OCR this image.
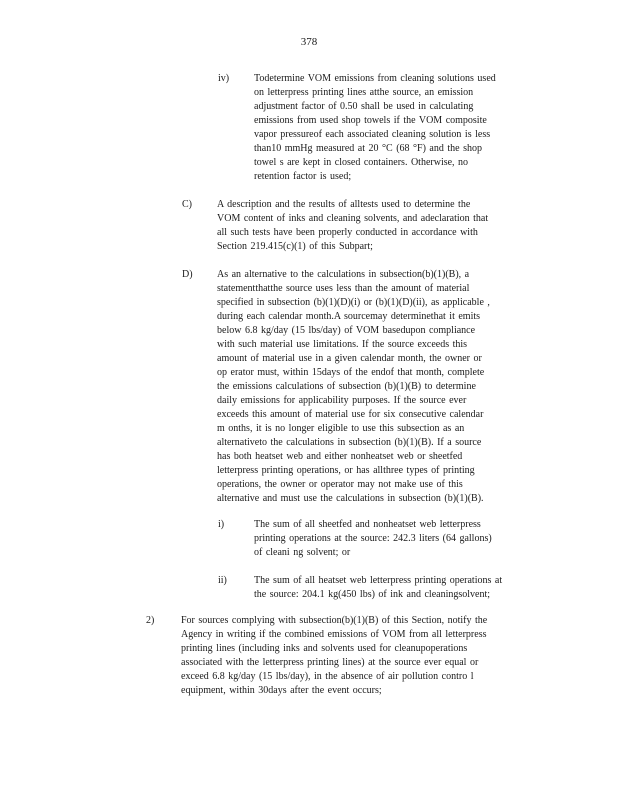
378
iv) Todetermine VOM emissions from cleaning solutions used
on letterpress printing lines atthe source, an emission
adjustment factor of 0.50 shall be used in calculating
emissions from used shop towels if the VOM composite
vapor pressureof each associated cleaning solution is less
than10 mmHg measured at 20 °C (68 °F) and the shop
towel s are kept in closed containers. Otherwise, no
retention factor is used;
C)	A description and the results of alltests used to determine the
VOM content of inks and cleaning solvents, and adeclaration that
all such tests have been properly conducted in accordance with
Section 219.415(c)(1) of this Subpart;
D) As an alternative to the calculations in subsection(b)(1)(B), a
statementthatthe source uses less than the amount of material
specified in subsection (b)(1)(D)(i) or (b)(1)(D)(ii), as applicable ,
during each calendar month.A sourcemay determinethat it emits
below 6.8 kg/day (15 lbs/day) of VOM basedupon compliance
with such material use limitations. If the source exceeds this
amount of material use in a given calendar month, the owner or
op erator must, within 15days of the endof that month, complete
the emissions calculations of subsection (b)(1)(B) to determine
daily emissions for applicability purposes. If the source ever
exceeds this amount of material use for six consecutive calendar
m onths, it is no longer eligible to use this subsection as an
alternativeto the calculations in subsection (b)(1)(B). If a source
has both heatset web and either nonheatset web or sheetfed
letterpress printing operations, or has allthree types of printing
operations, the owner or operator may not make use of this
alternative and must use the calculations in subsection (b)(1)(B).
i)	The sum of all sheetfed and nonheatset web letterpress
printing operations at the source: 242.3 liters (64 gallons)
of cleani ng solvent; or
ii)	The sum of all heatset web letterpress printing operations at
the source: 204.1 kg(450 lbs) of ink and cleaningsolvent;
2)	For sources complying with subsection(b)(1)(B) of this Section, notify the
Agency in writing if the combined emissions of VOM from all letterpress
printing lines (including inks and solvents used for cleanupoperations
associated with the letterpress printing lines) at the source ever equal or
exceed 6.8 kg/day (15 lbs/day), in the absence of air pollution contro l
equipment, within 30days after the event occurs;
